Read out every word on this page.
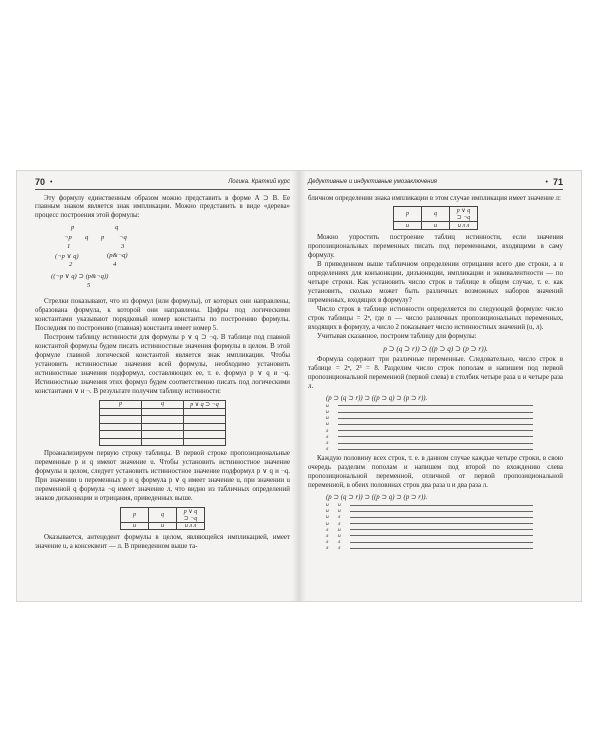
70 •	Логика. Краткий курс

Эту формулу единственным образом можно представить в форме A ⊃ B. Ее главным знаком является знак импликации. Можно представить в виде «дерева» процесс построения этой формулы:

p	q
¬p q p ¬q
1	3
(¬p ∨ q)	(p&¬q)
2	4
((¬p ∨ q) ⊃ (p&¬q))
5

Стрелки показывают, что из формул (или формулы), от которых они направлены, образована формула, к которой они направлены. Цифры под логическими константами указывают порядковый номер константы по построению формулы. Последняя по построению (главная) константа имеет номер 5.

Построим таблицу истинности для формулы p ∨ q ⊃ ¬q. В таблице под главной константой формулы будем писать истинностные значения формулы в целом. В этой формуле главной логической константой является знак импликации. Чтобы установить истинностные значения всей формулы, необходимо установить истинностные значения подформул, составляющих ее, т. е. формул p ∨ q и ¬q. Истинностные значения этих формул будем соответственно писать под логическими константами ∨ и ¬. В результате получим таблицу истинности:

p	q	p ∨ q ⊃ ¬q

Проанализируем первую строку таблицы. В первой строке пропозициональные переменные p и q имеют значение u. Чтобы установить истинностное значение формулы в целом, следует установить истинностное значение подформул p ∨ q и ¬q. При значении u переменных p и q формула p ∨ q имеет значение u, при значении u переменной q формула ¬q имеет значение л, что видно из табличных определений знаков дизъюнкции и отрицания, приведенных выше.

p	q	p ∨ q ⊃ ¬q
u	u	u л л

Оказывается, антецедент формулы в целом, являющейся импликацией, имеет значение u, а консеквент — л. В приведенном выше та-

Дедуктивные и индуктивные умозаключения	• 71

бличном определении знака импликации в этом случае импликация имеет значение л:

p	q	p ∨ q ⊃ ¬q
u	u	u л л

Можно упростить построение таблиц истинности, если значения пропозициональных переменных писать под переменными, входящими в саму формулу.

В приведенном выше табличном определении отрицания всего две строки, а в определениях для конъюнкции, дизъюнкции, импликации и эквивалентности — по четыре строки. Как установить число строк в таблице в общем случае, т. е. как установить, сколько может быть различных возможных наборов значений переменных, входящих в формулу?

Число строк в таблице истинности определяется по следующей формуле: число строк таблицы = 2ⁿ, где n — число различных пропозициональных переменных, входящих в формулу, а число 2 показывает число истинностных значений (u, л).

Учитывая сказанное, построим таблицу для формулы:

p ⊃ (q ⊃ r)) ⊃ ((p ⊃ q) ⊃ (p ⊃ r)).

Формула содержит три различные переменные. Следовательно, число строк в таблице = 2ⁿ, 2³ = 8. Разделим число строк пополам и напишем под первой пропозициональной переменной (первой слева) в столбик четыре раза u и четыре раза л.

(p ⊃ (q ⊃ r)) ⊃ ((p ⊃ q) ⊃ (p ⊃ r)).
u
u
u
u
л
л
л
л

Каждую половину всех строк, т. е. в данном случае каждые четыре строки, в свою очередь разделим пополам и напишем под второй по вхождению слева пропозициональной переменной, отличной от первой пропозициональной переменной, в обеих половинах строк два раза u и два раза л.

(p ⊃ (q ⊃ r)) ⊃ ((p ⊃ q) ⊃ (p ⊃ r)).
u	u
u	u
u	л
u	л
л	u
л	u
л	л
л	л
